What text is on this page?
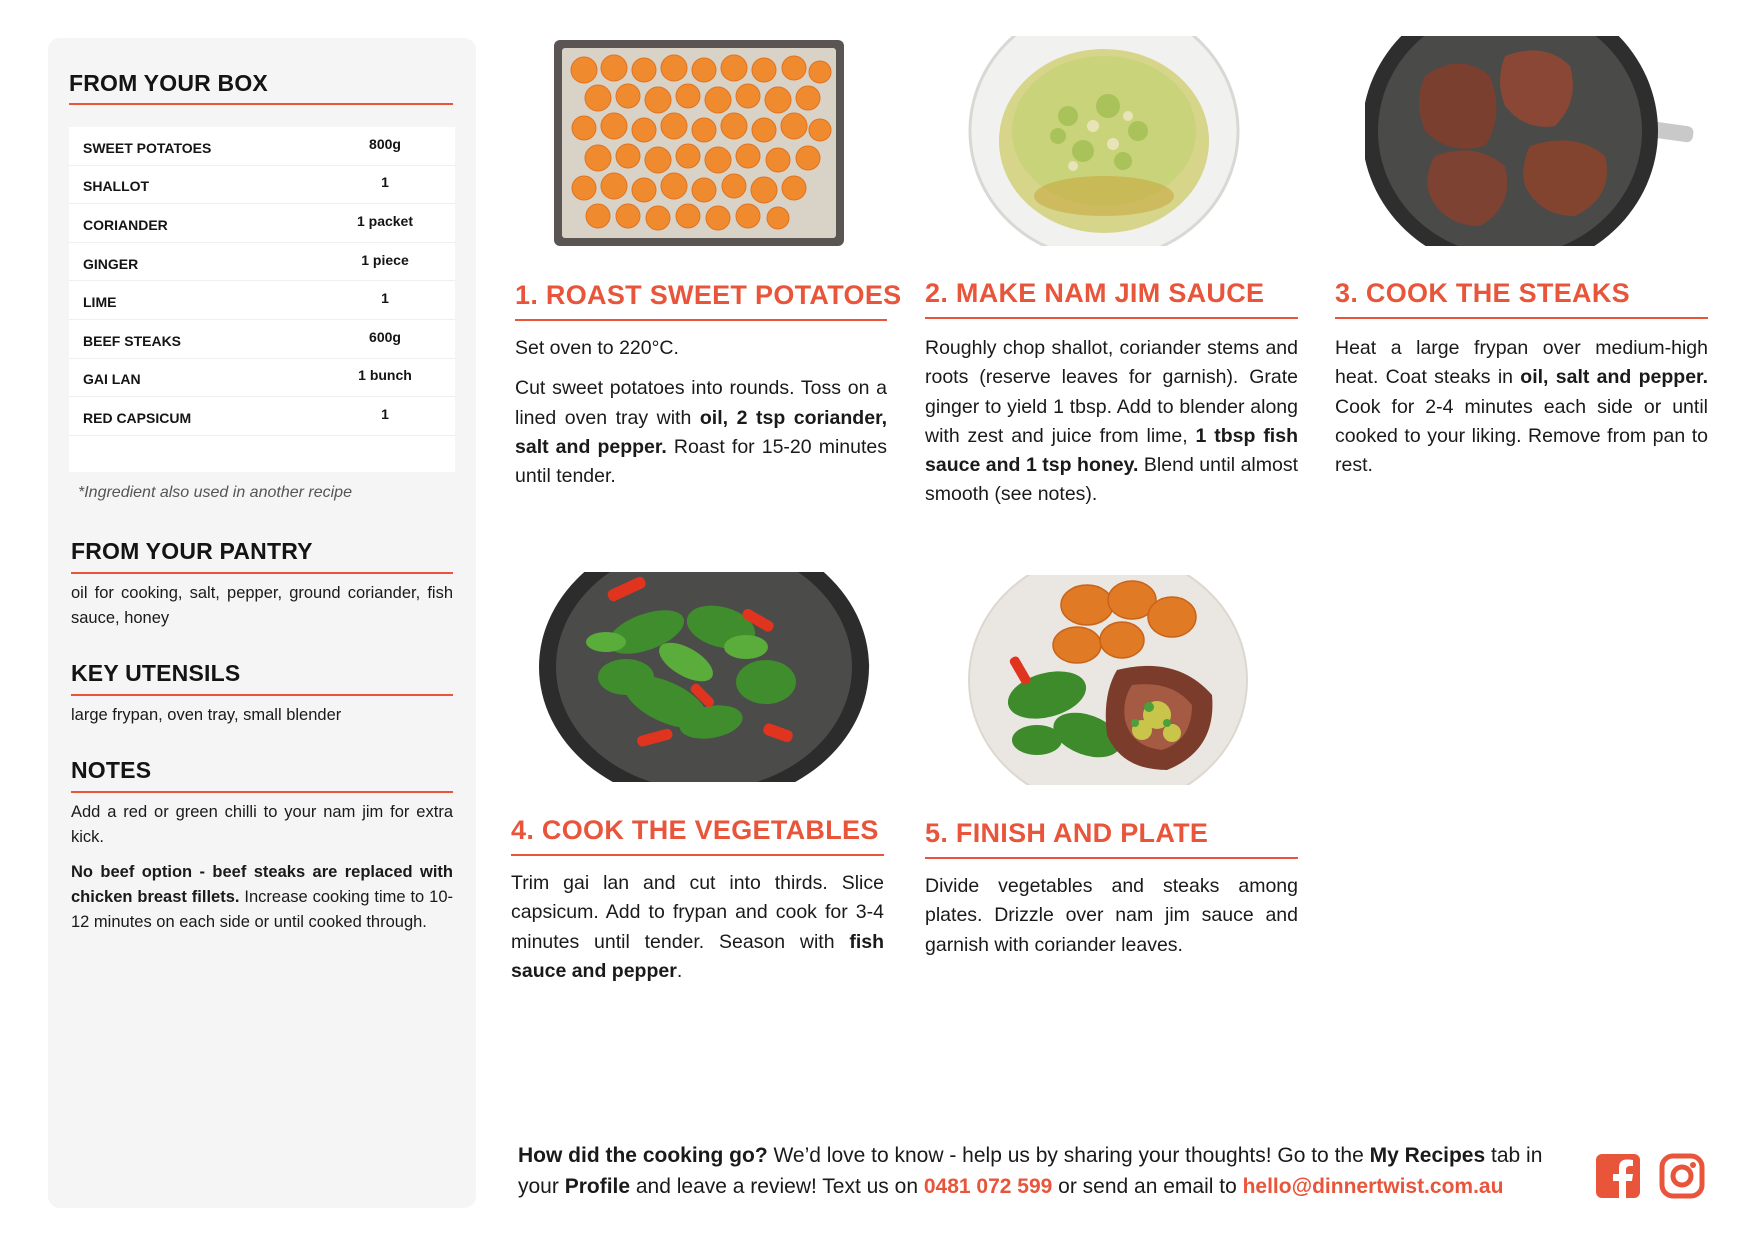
FROM YOUR BOX
SWEET POTATOES	800g
SHALLOT	1
CORIANDER	1 packet
GINGER	1 piece
LIME	1
BEEF STEAKS	600g
GAI LAN	1 bunch
RED CAPSICUM	1
*Ingredient also used in another recipe
FROM YOUR PANTRY
oil for cooking, salt, pepper, ground coriander, fish sauce, honey
KEY UTENSILS
large frypan, oven tray, small blender
NOTES
Add a red or green chilli to your nam jim for extra kick.
No beef option - beef steaks are replaced with chicken breast fillets. Increase cooking time to 10-12 minutes on each side or until cooked through.
1. ROAST SWEET POTATOES

Set oven to 220°C.

Cut sweet potatoes into rounds. Toss on a lined oven tray with oil, 2 tsp coriander, salt and pepper. Roast for 15-20 minutes until tender.

2. MAKE NAM JIM SAUCE

Roughly chop shallot, coriander stems and roots (reserve leaves for garnish). Grate ginger to yield 1 tbsp. Add to blender along with zest and juice from lime, 1 tbsp fish sauce and 1 tsp honey. Blend until almost smooth (see notes).

3. COOK THE STEAKS

Heat a large frypan over medium-high heat. Coat steaks in oil, salt and pepper. Cook for 2-4 minutes each side or until cooked to your liking. Remove from pan to rest.

4. COOK THE VEGETABLES

Trim gai lan and cut into thirds. Slice capsicum. Add to frypan and cook for 3-4 minutes until tender. Season with fish sauce and pepper.

5. FINISH AND PLATE

Divide vegetables and steaks among plates. Drizzle over nam jim sauce and garnish with coriander leaves.

How did the cooking go? We’d love to know - help us by sharing your thoughts! Go to the My Recipes tab in your Profile and leave a review! Text us on 0481 072 599 or send an email to hello@dinnertwist.com.au
